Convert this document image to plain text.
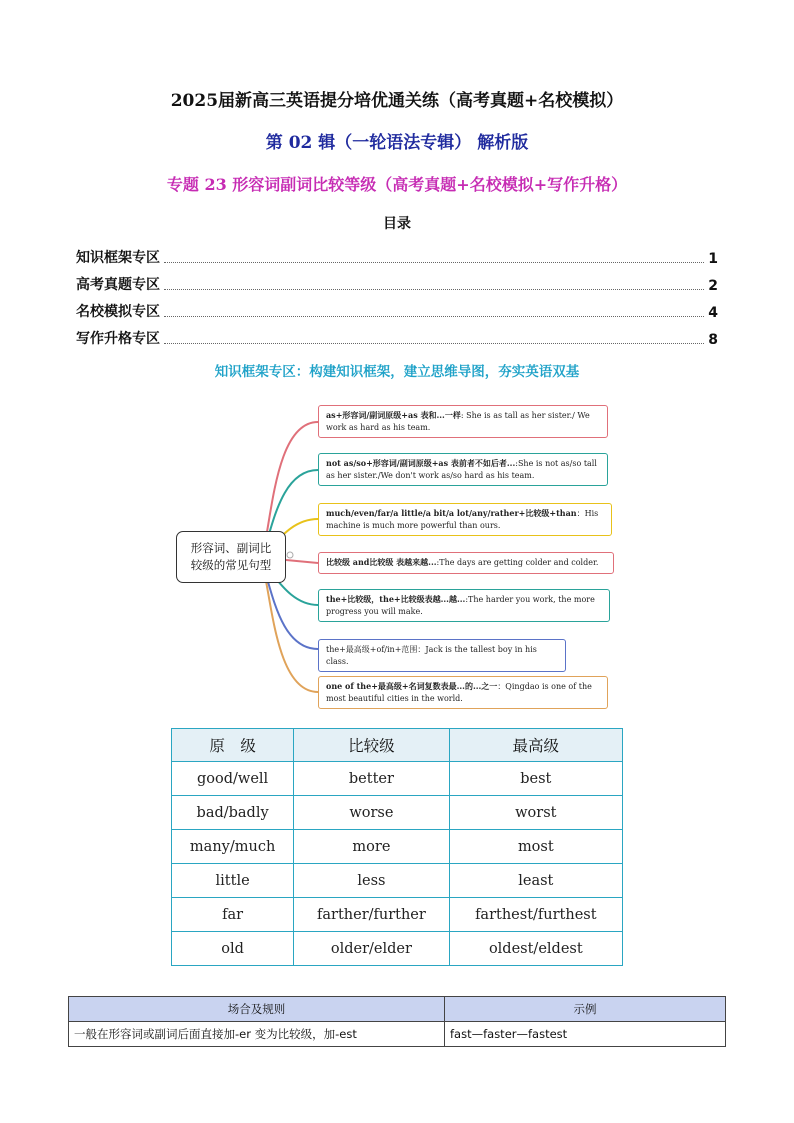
2025届新高三英语提分培优通关练（高考真题+名校模拟）
第 02 辑（一轮语法专辑） 解析版
专题 23 形容词副词比较等级（高考真题+名校模拟+写作升格）
目录
知识框架专区	1
高考真题专区	2
名校模拟专区	4
写作升格专区	8
知识框架专区：构建知识框架，建立思维导图，夯实英语双基
形容词、副词比
较级的常见句型
as+形容词/副词原级+as 表和...一样: She is as tall as her sister./ We work as hard as his team.
not as/so+形容词/副词原级+as 表前者不如后者...:She is not as/so tall as her sister./We don't work as/so hard as his team.
much/even/far/a little/a bit/a lot/any/rather+比较级+than：His machine is much more powerful than ours.
比较级 and比较级 表越来越...:The days are getting colder and colder.
the+比较级，the+比较级表越...越...:The harder you work, the more progress you will make.
the+最高级+of/in+范围：Jack is the tallest boy in his class.
one of the+最高级+名词复数表最...的...之一：Qingdao is one of the most beautiful cities in the world.
原　级	比较级	最高级
good/well	better	best
bad/badly	worse	worst
many/much	more	most
little	less	least
far	farther/further	farthest/furthest
old	older/elder	oldest/eldest
场合及规则	示例
一般在形容词或副词后面直接加-er 变为比较级，加-est	fast—faster—fastest
